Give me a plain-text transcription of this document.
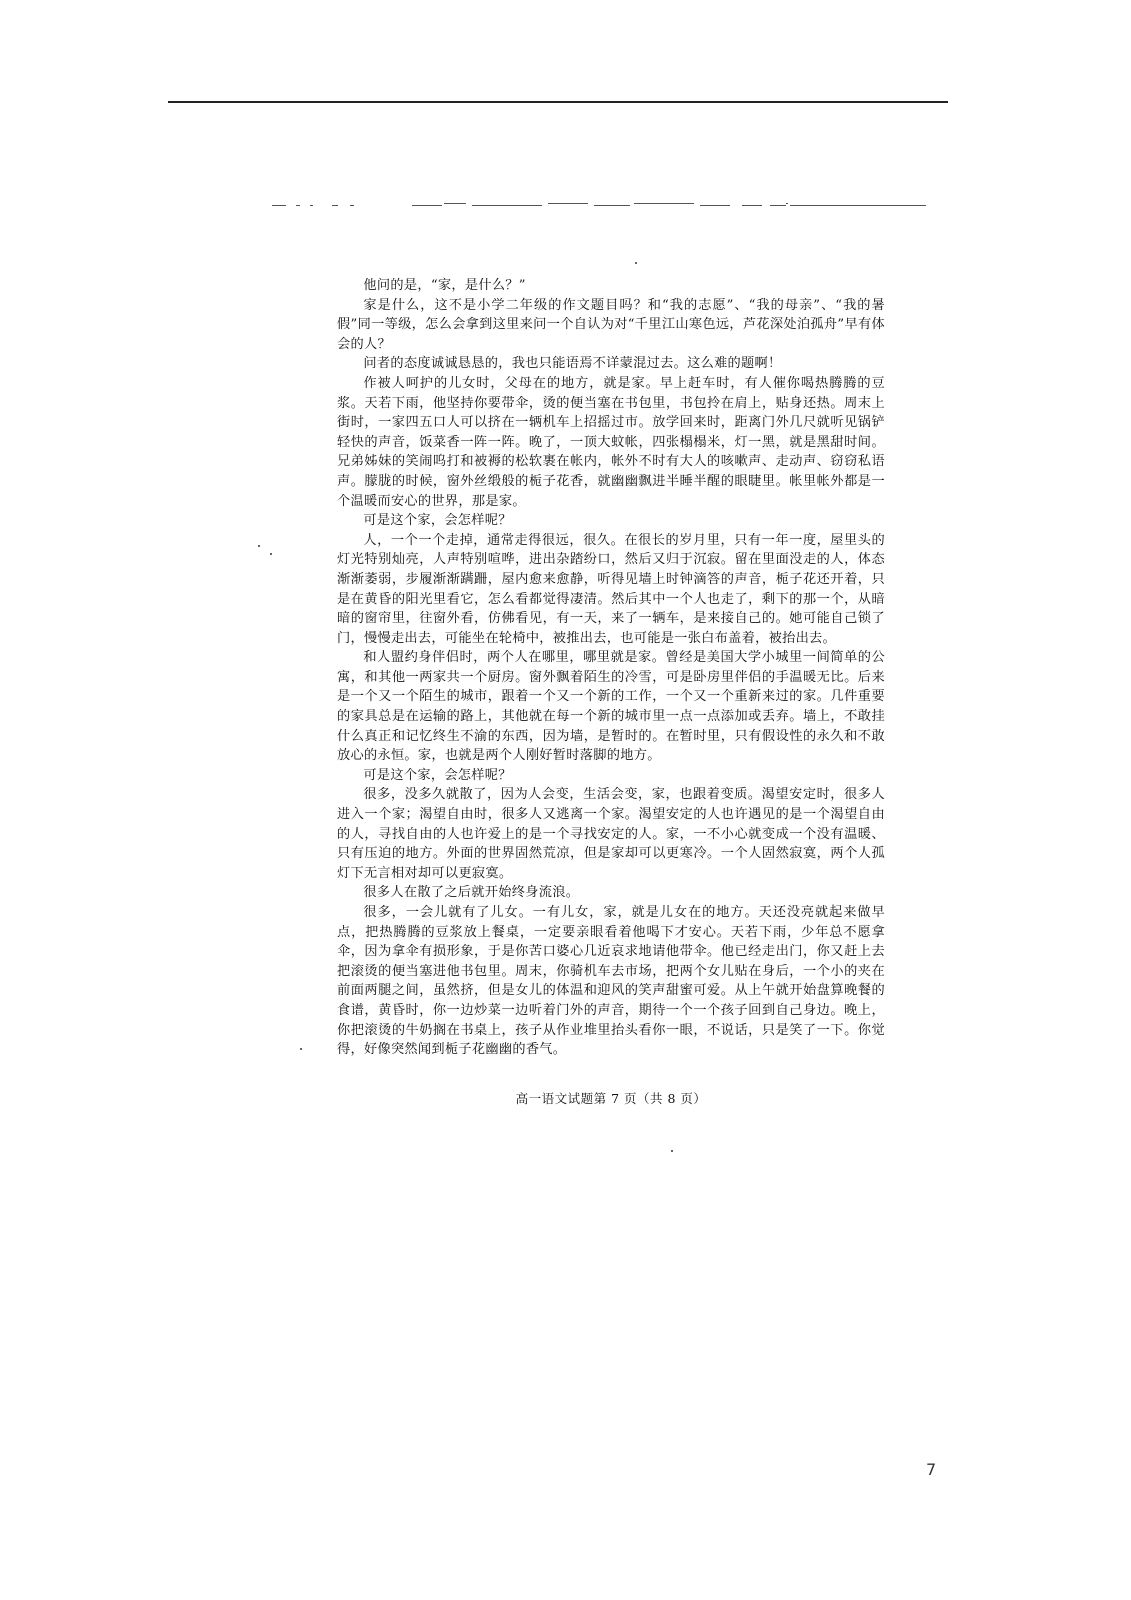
他问的是，“家，是什么？”

家是什么，这不是小学二年级的作文题目吗？和“我的志愿”、“我的母亲”、“我的暑假”同一等级，怎么会拿到这里来问一个自认为对“千里江山寒色远，芦花深处泊孤舟”早有体会的人？

问者的态度诚诚恳恳的，我也只能语焉不详蒙混过去。这么难的题啊！

作被人呵护的儿女时，父母在的地方，就是家。早上赶车时，有人催你喝热腾腾的豆浆。天若下雨，他坚持你要带伞，烫的便当塞在书包里，书包拎在肩上，贴身还热。周末上街时，一家四五口人可以挤在一辆机车上招摇过市。放学回来时，距离门外几尺就听见锅铲轻快的声音，饭菜香一阵一阵。晚了，一顶大蚊帐，四张榻榻米，灯一黑，就是黑甜时间。兄弟姊妹的笑闹呜打和被褥的松软裹在帐内，帐外不时有大人的咳嗽声、走动声、窃窃私语声。朦胧的时候，窗外丝缎般的栀子花香，就幽幽飘进半睡半醒的眼睫里。帐里帐外都是一个温暖而安心的世界，那是家。

可是这个家，会怎样呢？

人，一个一个走掉，通常走得很远，很久。在很长的岁月里，只有一年一度，屋里头的灯光特别灿亮，人声特别喧哗，进出杂踏纷口，然后又归于沉寂。留在里面没走的人，体态渐渐萎弱，步履渐渐蹒跚，屋内愈来愈静，听得见墙上时钟滴答的声音，栀子花还开着，只是在黄昏的阳光里看它，怎么看都觉得凄清。然后其中一个人也走了，剩下的那一个，从暗暗的窗帘里，往窗外看，仿佛看见，有一天，来了一辆车，是来接自己的。她可能自己锁了门，慢慢走出去，可能坐在轮椅中，被推出去，也可能是一张白布盖着，被抬出去。

和人盟约身伴侣时，两个人在哪里，哪里就是家。曾经是美国大学小城里一间简单的公寓，和其他一两家共一个厨房。窗外飘着陌生的冷雪，可是卧房里伴侣的手温暖无比。后来是一个又一个陌生的城市，跟着一个又一个新的工作，一个又一个重新来过的家。几件重要的家具总是在运输的路上，其他就在每一个新的城市里一点一点添加或丢弃。墙上，不敢挂什么真正和记忆终生不渝的东西，因为墙，是暂时的。在暂时里，只有假设性的永久和不敢放心的永恒。家，也就是两个人刚好暂时落脚的地方。

可是这个家，会怎样呢？

很多，没多久就散了，因为人会变，生活会变，家，也跟着变质。渴望安定时，很多人进入一个家；渴望自由时，很多人又逃离一个家。渴望安定的人也许遇见的是一个渴望自由的人，寻找自由的人也许爱上的是一个寻找安定的人。家，一不小心就变成一个没有温暖、只有压迫的地方。外面的世界固然荒凉，但是家却可以更寒冷。一个人固然寂寞，两个人孤灯下无言相对却可以更寂寞。

很多人在散了之后就开始终身流浪。

很多，一会儿就有了儿女。一有儿女，家，就是儿女在的地方。天还没亮就起来做早点，把热腾腾的豆浆放上餐桌，一定要亲眼看着他喝下才安心。天若下雨，少年总不愿拿伞，因为拿伞有损形象，于是你苦口婆心几近哀求地请他带伞。他已经走出门，你又赶上去把滚烫的便当塞进他书包里。周末，你骑机车去市场，把两个女儿贴在身后，一个小的夹在前面两腿之间，虽然挤，但是女儿的体温和迎风的笑声甜蜜可爱。从上午就开始盘算晚餐的食谱，黄昏时，你一边炒菜一边听着门外的声音，期待一个一个孩子回到自己身边。晚上，你把滚烫的牛奶搁在书桌上，孩子从作业堆里抬头看你一眼，不说话，只是笑了一下。你觉得，好像突然闻到栀子花幽幽的香气。

高一语文试题第 7 页（共 8 页）
7
